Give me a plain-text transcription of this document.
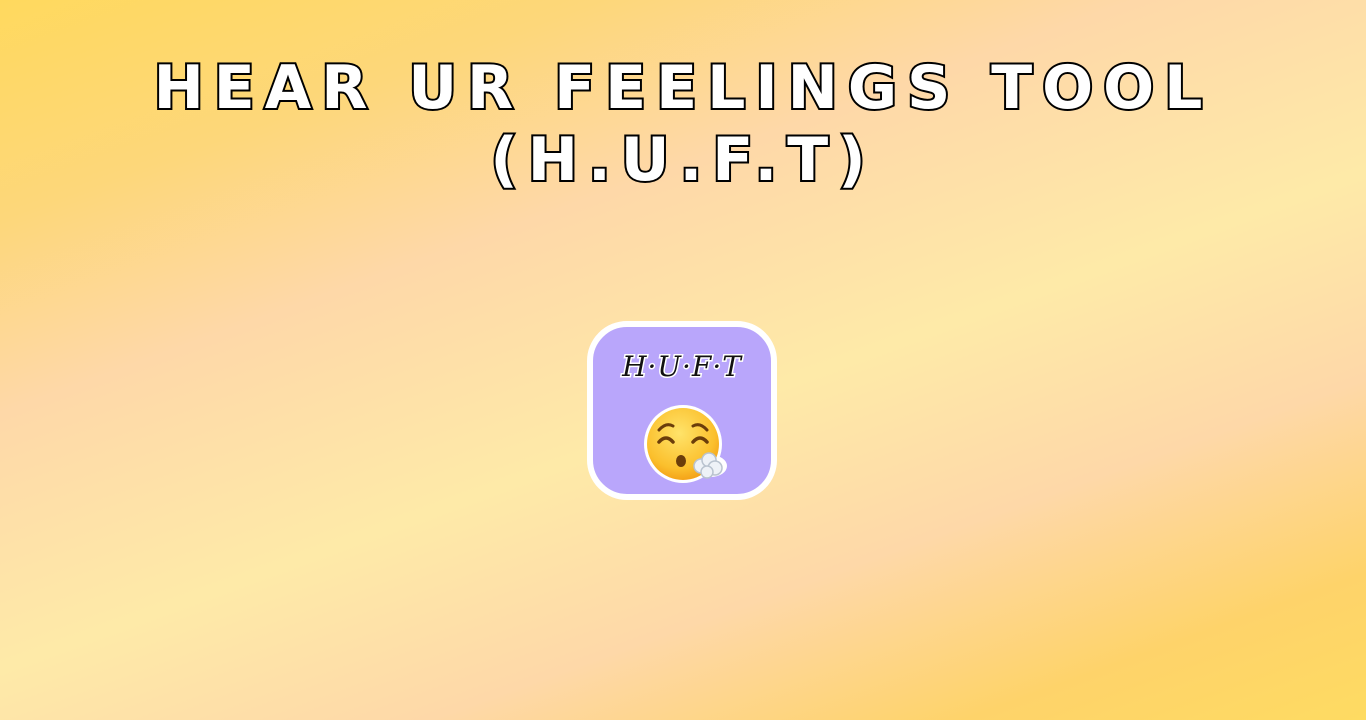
HEAR UR FEELINGS TOOL
(H.U.F.T)
H·U·F·T
